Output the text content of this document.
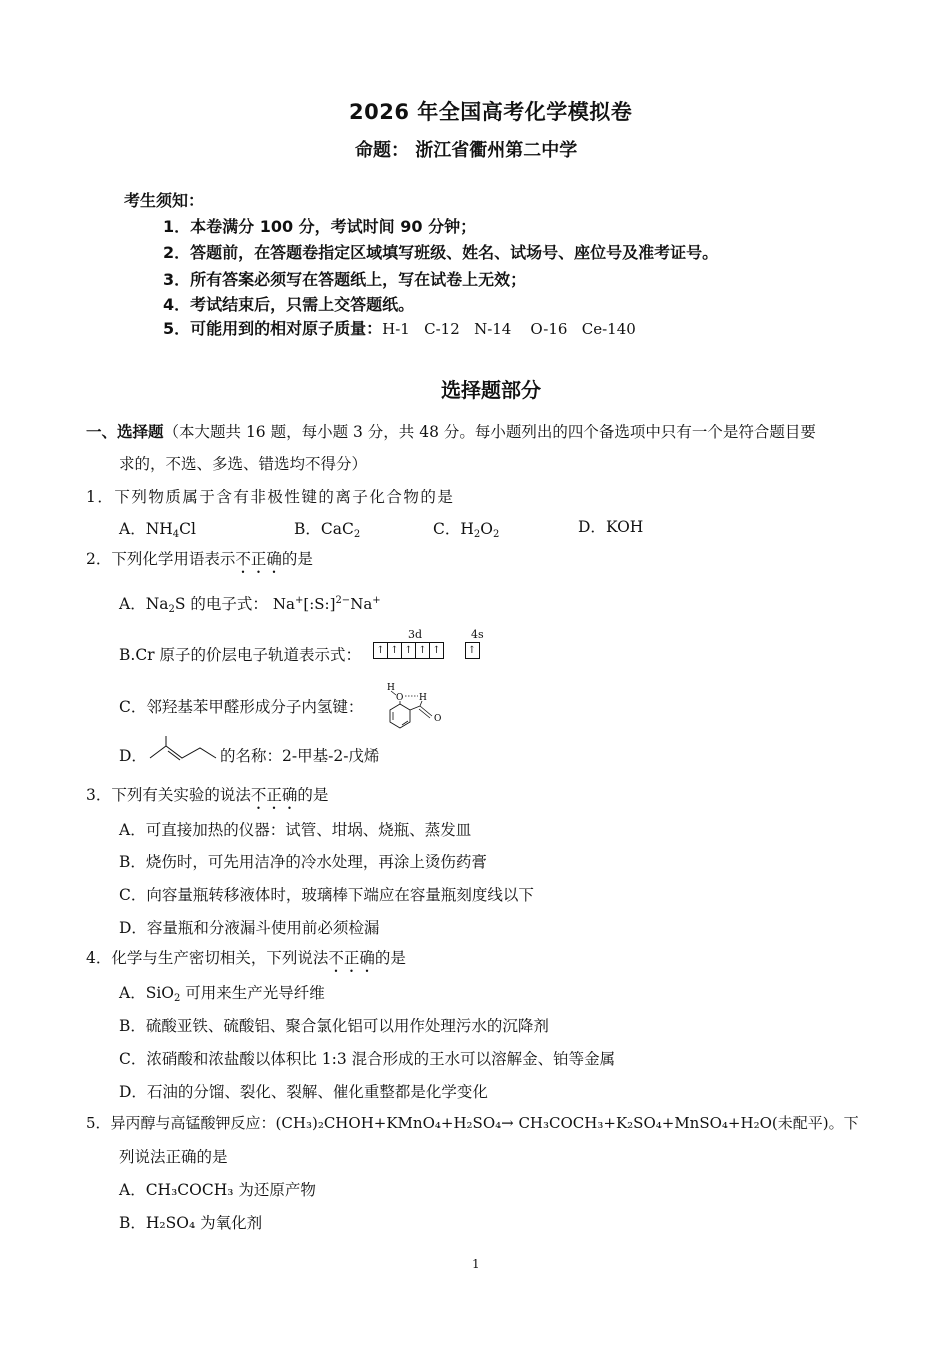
2026 年全国高考化学模拟卷
命题： 浙江省衢州第二中学
考生须知：
1．本卷满分 100 分，考试时间 90 分钟；
2．答题前，在答题卷指定区域填写班级、姓名、试场号、座位号及准考证号。
3．所有答案必须写在答题纸上，写在试卷上无效；
4．考试结束后，只需上交答题纸。
5．可能用到的相对原子质量：H-1   C-12   N-14    O-16   Ce-140
选择题部分
一、选择题（本大题共 16 题，每小题 3 分，共 48 分。每小题列出的四个备选项中只有一个是符合题目要
求的，不选、多选、错选均不得分）
1．下列物质属于含有非极性键的离子化合物的是
A．$NH_4Cl$	B．CaC$_2$	C．$H_2O_2$	D．KOH
2．下列化学用语表示不正确的是
A．$Na_2S$ 的电子式： Na+[:S:]$^{2-}$Na+
B.Cr 原子的价层电子轨道表示式：
3d	4s
↑ ↑ ↑ ↑ ↑
	↑
C．邻羟基苯甲醛形成分子内氢键：
H
O H
O
D．	的名称：2-甲基-2-戊烯
3．下列有关实验的说法不正确的是
A．可直接加热的仪器：试管、坩埚、烧瓶、蒸发皿
B．烧伤时，可先用洁净的冷水处理，再涂上烫伤药膏
C．向容量瓶转移液体时，玻璃棒下端应在容量瓶刻度线以下
D．容量瓶和分液漏斗使用前必须检漏
4．化学与生产密切相关，下列说法不正确的是
A．SiO$_2$ 可用来生产光导纤维
B．硫酸亚铁、硫酸铝、聚合氯化铝可以用作处理污水的沉降剂
C．浓硝酸和浓盐酸以体积比 1:3 混合形成的王水可以溶解金、铂等金属
D．石油的分馏、裂化、裂解、催化重整都是化学变化
5．异丙醇与高锰酸钾反应：(CH₃)₂CHOH+KMnO₄+H₂SO₄→ CH₃COCH₃+K₂SO₄+MnSO₄+H₂O(未配平)。下
列说法正确的是
A．CH₃COCH₃ 为还原产物
B．H₂SO₄ 为氧化剂
1
